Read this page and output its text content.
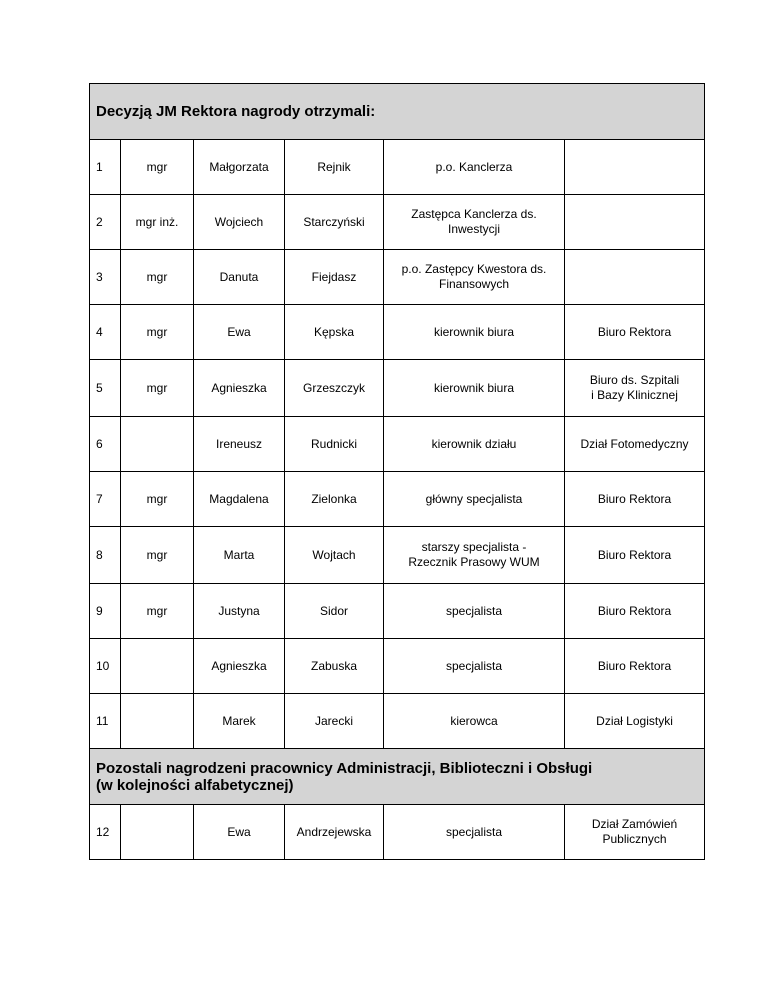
Decyzją JM Rektora nagrody otrzymali:					
1	mgr	Małgorzata	Rejnik	p.o. Kanclerza	
2	mgr inż.	Wojciech	Starczyński	Zastępca Kanclerza ds.
Inwestycji	
3	mgr	Danuta	Fiejdasz	p.o. Zastępcy Kwestora ds.
Finansowych	
4	mgr	Ewa	Kępska	kierownik biura	Biuro Rektora
5	mgr	Agnieszka	Grzeszczyk	kierownik biura	Biuro ds. Szpitali
i Bazy Klinicznej
6		Ireneusz	Rudnicki	kierownik działu	Dział Fotomedyczny
7	mgr	Magdalena	Zielonka	główny specjalista	Biuro Rektora
8	mgr	Marta	Wojtach	starszy specjalista -
Rzecznik Prasowy WUM	Biuro Rektora
9	mgr	Justyna	Sidor	specjalista	Biuro Rektora
10		Agnieszka	Zabuska	specjalista	Biuro Rektora
11		Marek	Jarecki	kierowca	Dział Logistyki
Pozostali nagrodzeni pracownicy Administracji, Biblioteczni i Obsługi
(w kolejności alfabetycznej)					
12		Ewa	Andrzejewska	specjalista	Dział Zamówień
Publicznych
